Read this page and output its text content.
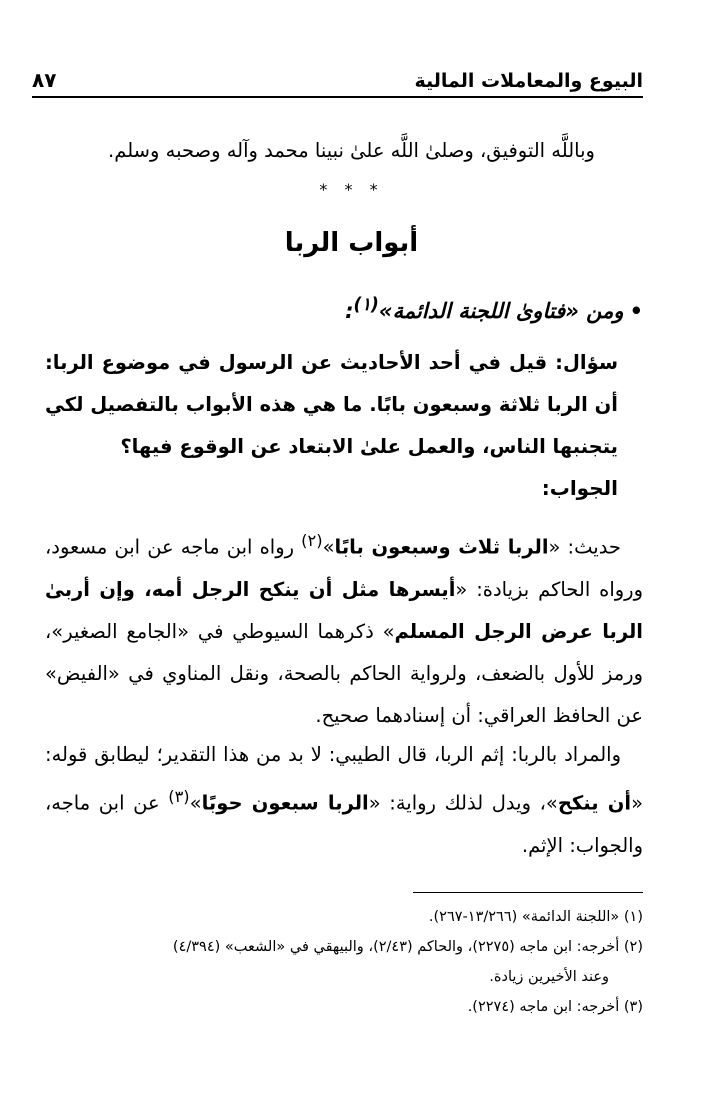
البيوع والمعاملات المالية
٨٧
وباللَّه التوفيق، وصلىٰ اللَّه علىٰ نبينا محمد وآله وصحبه وسلم.
* * *
أبواب الربا
•ومن «فتاوىٰ اللجنة الدائمة»$^{(١)}$:
سؤال: قيل في أحد الأحاديث عن الرسول في موضوع الربا: أن الربا ثلاثة وسبعون بابًا. ما هي هذه الأبواب بالتفصيل لكي يتجنبها الناس، والعمل علىٰ الابتعاد عن الوقوع فيها؟
الجواب:
حديث: «الربا ثلاث وسبعون بابًا»$^{(٢)}$ رواه ابن ماجه عن ابن مسعود، ورواه الحاكم بزيادة: «أيسرها مثل أن ينكح الرجل أمه، وإن أربىٰ الربا عرض الرجل المسلم» ذكرهما السيوطي في «الجامع الصغير»، ورمز للأول بالضعف، ولرواية الحاكم بالصحة، ونقل المناوي في «الفيض» عن الحافظ العراقي: أن إسنادهما صحيح.
والمراد بالربا: إثم الربا، قال الطيبي: لا بد من هذا التقدير؛ ليطابق قوله: «أن ينكح»، ويدل لذلك رواية: «الربا سبعون حوبًا»$^{(٣)}$ عن ابن ماجه، والجواب: الإثم.

(١) «اللجنة الدائمة» (١٣/٢٦٦-٢٦٧).

(٢) أخرجه: ابن ماجه (٢٢٧٥)، والحاكم (٢/٤٣)، والبيهقي في «الشعب» (٤/٣٩٤)

وعند الأخيرين زيادة.

(٣) أخرجه: ابن ماجه (٢٢٧٤).
